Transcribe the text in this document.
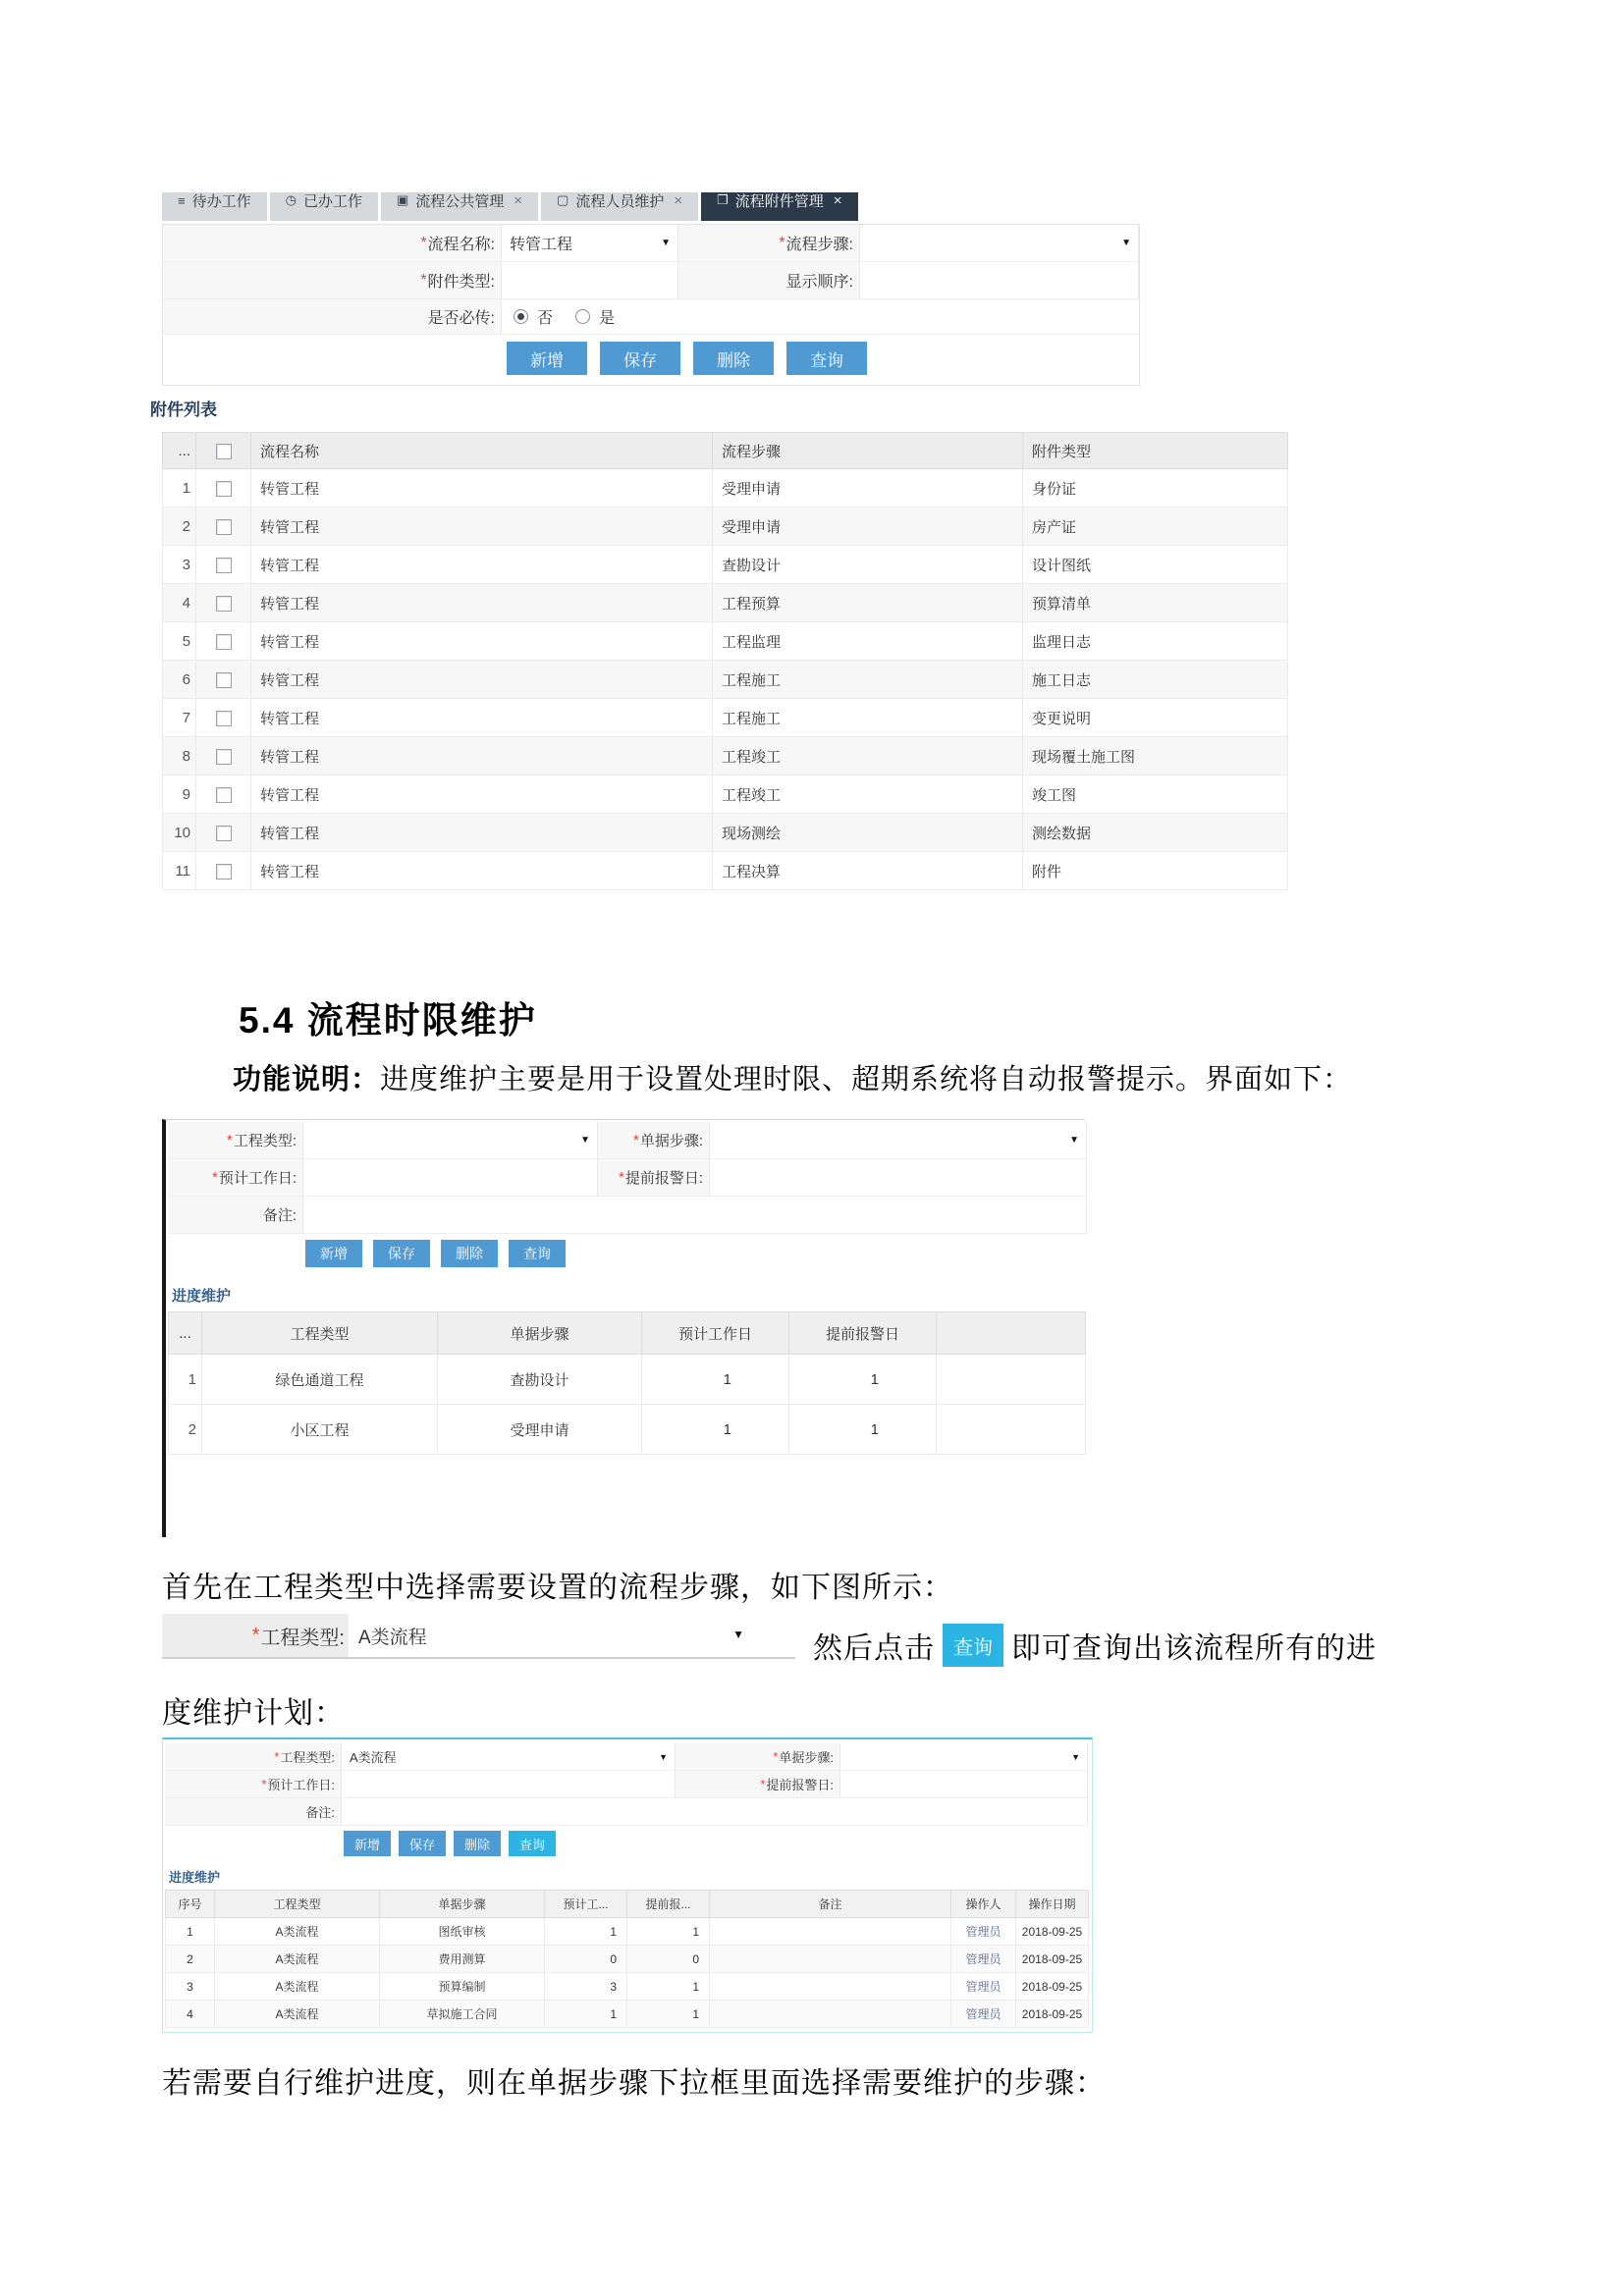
≡ 待办工作	◷ 已办工作	▣ 流程公共管理 ×	▢ 流程人员维护 ×	❐ 流程附件管理 ×
* 流程名称: 转管工程	▼	* 流程步骤:	▼
* 附件类型:	显示顺序:
是否必传:	否	是
新增	保存	删除	查询
附件列表
...		流程名称	流程步骤	附件类型
1		转管工程	受理申请	身份证
2		转管工程	受理申请	房产证
3		转管工程	查勘设计	设计图纸
4		转管工程	工程预算	预算清单
5		转管工程	工程监理	监理日志
6		转管工程	工程施工	施工日志
7		转管工程	工程施工	变更说明
8		转管工程	工程竣工	现场覆土施工图
9		转管工程	工程竣工	竣工图
10		转管工程	现场测绘	测绘数据
11		转管工程	工程决算	附件
5.4 流程时限维护

功能说明：进度维护主要是用于设置处理时限、超期系统将自动报警提示。界面如下：

* 工程类型:	▼	* 单据步骤:	▼
* 预计工作日:	* 提前报警日:
备注:
新增	保存	删除	查询
进度维护
...	工程类型	单据步骤	预计工作日	提前报警日	
1	绿色通道工程	查勘设计	1	1	
2	小区工程	受理申请	1	1	

首先在工程类型中选择需要设置的流程步骤，如下图所示：

* 工程类型: A类流程	▼ 然后点击 查询 即可查询出该流程所有的进

度维护计划：

* 工程类型: A类流程	▼	* 单据步骤:	▼
* 预计工作日:	* 提前报警日:
备注:
新增	保存	删除	查询
进度维护
序号	工程类型	单据步骤	预计工...	提前报...	备注	操作人	操作日期
1	A类流程	图纸审核	1	1		管理员	2018-09-25
2	A类流程	费用测算	0	0		管理员	2018-09-25
3	A类流程	预算编制	3	1		管理员	2018-09-25
4	A类流程	草拟施工合同	1	1		管理员	2018-09-25

若需要自行维护进度，则在单据步骤下拉框里面选择需要维护的步骤：
